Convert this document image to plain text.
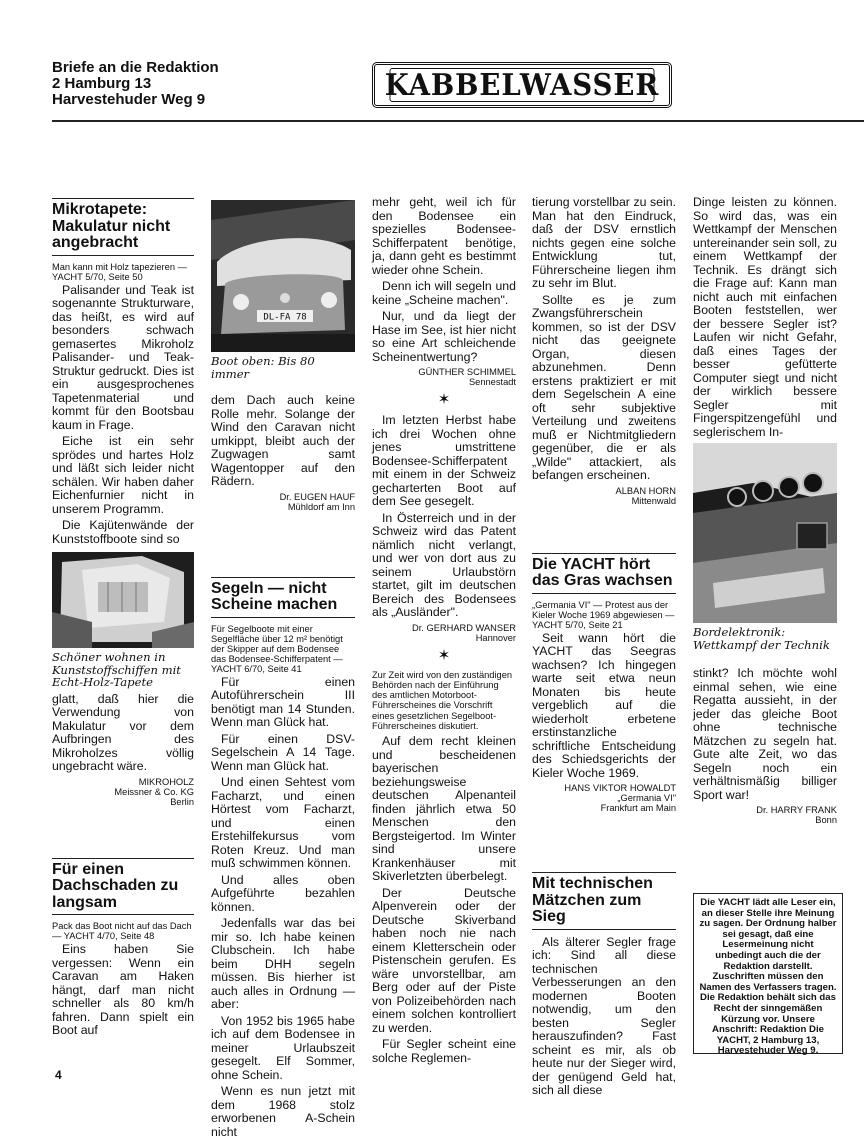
Briefe an die Redaktion
2 Hamburg 13
Harvestehuder Weg 9	KABBELWASSER
Mikrotapete: Makulatur nicht angebracht
Man kann mit Holz tapezieren — YACHT 5/70, Seite 50
Palisander und Teak ist sogenannte Strukturware, das heißt, es wird auf besonders schwach gemasertes Mikroholz Palisander- und Teak-Struktur gedruckt. Dies ist ein ausgesprochenes Tapetenmaterial und kommt für den Bootsbau kaum in Frage.
Eiche ist ein sehr sprödes und hartes Holz und läßt sich leider nicht schälen. Wir haben daher Eichenfurnier nicht in unserem Programm.
Die Kajütenwände der Kunststoffboote sind so
Schöner wohnen in Kunststoffschiffen mit Echt-Holz-Tapete
glatt, daß hier die Verwendung von Makulatur vor dem Aufbringen des Mikroholzes völlig ungebracht wäre.
MIKROHOLZ
Meissner & Co. KG
Berlin
Für einen Dachschaden zu langsam
Pack das Boot nicht auf das Dach — YACHT 4/70, Seite 48
Eins haben Sie vergessen: Wenn ein Caravan am Haken hängt, darf man nicht schneller als 80 km/h fahren. Dann spielt ein Boot auf
DL-FA 78
Boot oben: Bis 80 immer
dem Dach auch keine Rolle mehr. Solange der Wind den Caravan nicht umkippt, bleibt auch der Zugwagen samt Wagentopper auf den Rädern.
Dr. EUGEN HAUF
Mühldorf am Inn
Segeln — nicht Scheine machen
Für Segelboote mit einer Segelfläche über 12 m² benötigt der Skipper auf dem Bodensee das Bodensee-Schifferpatent — YACHT 6/70, Seite 41
Für einen Autoführerschein III benötigt man 14 Stunden. Wenn man Glück hat.
Für einen DSV-Segelschein A 14 Tage. Wenn man Glück hat.
Und einen Sehtest vom Facharzt, und einen Hörtest vom Facharzt, und einen Erstehilfekursus vom Roten Kreuz. Und man muß schwimmen können.
Und alles oben Aufgeführte bezahlen können.
Jedenfalls war das bei mir so. Ich habe keinen Clubschein. Ich habe beim DHH segeln müssen. Bis hierher ist auch alles in Ordnung — aber:
Von 1952 bis 1965 habe ich auf dem Bodensee in meiner Urlaubszeit gesegelt. Elf Sommer, ohne Schein.
Wenn es nun jetzt mit dem 1968 stolz erworbenen A-Schein nicht
mehr geht, weil ich für den Bodensee ein spezielles Bodensee-Schifferpatent benötige, ja, dann geht es bestimmt wieder ohne Schein.
Denn ich will segeln und keine „Scheine machen".
Nur, und da liegt der Hase im See, ist hier nicht so eine Art schleichende Scheinentwertung?
GÜNTHER SCHIMMEL
Sennestadt
✶
Im letzten Herbst habe ich drei Wochen ohne jenes umstrittene Bodensee-Schifferpatent mit einem in der Schweiz gecharterten Boot auf dem See gesegelt.
In Österreich und in der Schweiz wird das Patent nämlich nicht verlangt, und wer von dort aus zu seinem Urlaubstörn startet, gilt im deutschen Bereich des Bodensees als „Ausländer".
Dr. GERHARD WANSER
Hannover
✶
Zur Zeit wird von den zuständigen Behörden nach der Einführung des amtlichen Motorboot-Führerscheines die Vorschrift eines gesetzlichen Segelboot-Führerscheines diskutiert.
Auf dem recht kleinen und bescheidenen bayerischen beziehungsweise deutschen Alpenanteil finden jährlich etwa 50 Menschen den Bergsteigertod. Im Winter sind unsere Krankenhäuser mit Skiverletzten überbelegt.
Der Deutsche Alpenverein oder der Deutsche Skiverband haben noch nie nach einem Kletterschein oder Pistenschein gerufen. Es wäre unvorstellbar, am Berg oder auf der Piste von Polizeibehörden nach einem solchen kontrolliert zu werden.
Für Segler scheint eine solche Reglemen-
tierung vorstellbar zu sein. Man hat den Eindruck, daß der DSV ernstlich nichts gegen eine solche Entwicklung tut, Führerscheine liegen ihm zu sehr im Blut.
Sollte es je zum Zwangsführerschein kommen, so ist der DSV nicht das geeignete Organ, diesen abzunehmen. Denn erstens praktiziert er mit dem Segelschein A eine oft sehr subjektive Verteilung und zweitens muß er Nichtmitgliedern gegenüber, die er als „Wilde" attackiert, als befangen erscheinen.
ALBAN HORN
Mittenwald
Die YACHT hört das Gras wachsen
„Germania VI" — Protest aus der Kieler Woche 1969 abgewiesen — YACHT 5/70, Seite 21
Seit wann hört die YACHT das Seegras wachsen? Ich hingegen warte seit etwa neun Monaten bis heute vergeblich auf die wiederholt erbetene erstinstanzliche schriftliche Entscheidung des Schiedsgerichts der Kieler Woche 1969.
HANS VIKTOR HOWALDT
„Germania VI"
Frankfurt am Main
Mit technischen Mätzchen zum Sieg
Als älterer Segler frage ich: Sind all diese technischen Verbesserungen an den modernen Booten notwendig, um den besten Segler herauszufinden? Fast scheint es mir, als ob heute nur der Sieger wird, der genügend Geld hat, sich all diese
Dinge leisten zu können. So wird das, was ein Wettkampf der Menschen untereinander sein soll, zu einem Wettkampf der Technik. Es drängt sich die Frage auf: Kann man nicht auch mit einfachen Booten feststellen, wer der bessere Segler ist? Laufen wir nicht Gefahr, daß eines Tages der besser gefütterte Computer siegt und nicht der wirklich bessere Segler mit Fingerspitzengefühl und seglerischem In-
Bordelektronik: Wettkampf der Technik
stinkt? Ich möchte wohl einmal sehen, wie eine Regatta aussieht, in der jeder das gleiche Boot ohne technische Mätzchen zu segeln hat. Gute alte Zeit, wo das Segeln noch ein verhältnismäßig billiger Sport war!
Dr. HARRY FRANK
Bonn
Die YACHT lädt alle Leser ein, an dieser Stelle ihre Meinung zu sagen. Der Ordnung halber sei gesagt, daß eine Lesermeinung nicht unbedingt auch die der Redaktion darstellt. Zuschriften müssen den Namen des Verfassers tragen. Die Redaktion behält sich das Recht der sinngemäßen Kürzung vor. Unsere Anschrift: Redaktion Die YACHT, 2 Hamburg 13, Harvestehuder Weg 9.
4
